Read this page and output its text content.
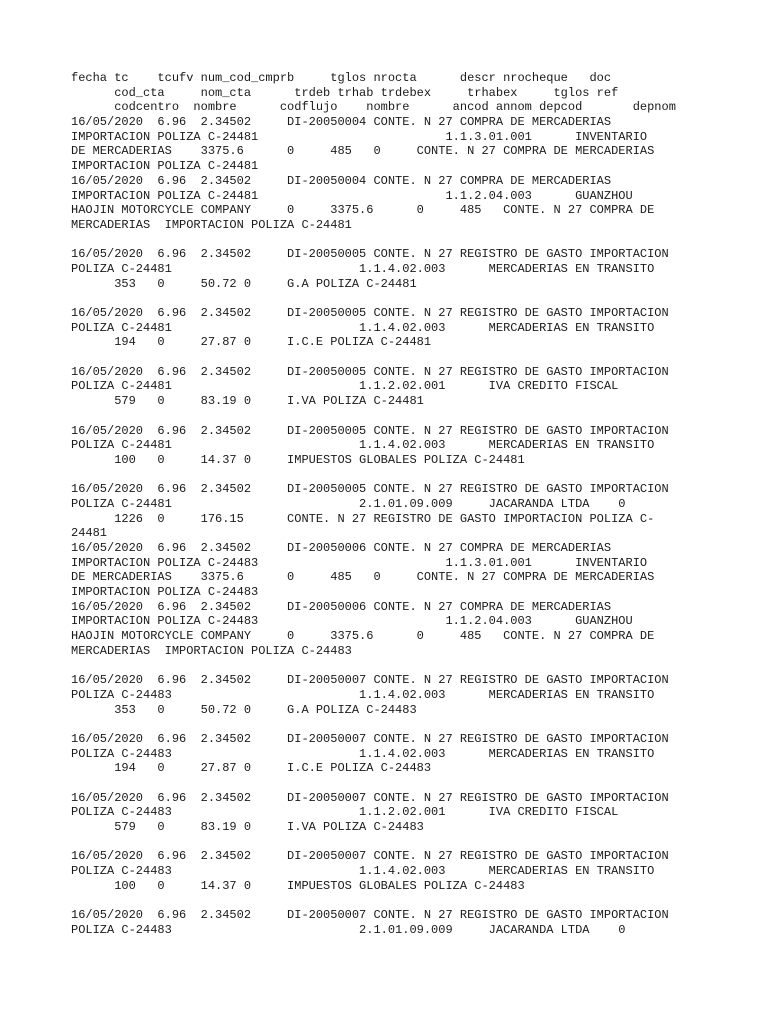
fecha tc    tcufv num_cod_cmprb     tglos nrocta      descr nrocheque   doc
cod_cta     nom_cta      trdeb trhab trdebex     trhabex     tglos ref
codcentro  nombre      codflujo    nombre      ancod annom depcod       depnom
16/05/2020  6.96  2.34502     DI-20050004 CONTE. N 27 COMPRA DE MERCADERIAS
IMPORTACION POLIZA C-24481                          1.1.3.01.001      INVENTARIO
DE MERCADERIAS    3375.6      0     485   0     CONTE. N 27 COMPRA DE MERCADERIAS
IMPORTACION POLIZA C-24481
16/05/2020  6.96  2.34502     DI-20050004 CONTE. N 27 COMPRA DE MERCADERIAS
IMPORTACION POLIZA C-24481                          1.1.2.04.003      GUANZHOU
HAOJIN MOTORCYCLE COMPANY     0     3375.6      0     485   CONTE. N 27 COMPRA DE
MERCADERIAS  IMPORTACION POLIZA C-24481
16/05/2020  6.96  2.34502     DI-20050005 CONTE. N 27 REGISTRO DE GASTO IMPORTACION
POLIZA C-24481                          1.1.4.02.003      MERCADERIAS EN TRANSITO
353   0     50.72 0     G.A POLIZA C-24481
16/05/2020  6.96  2.34502     DI-20050005 CONTE. N 27 REGISTRO DE GASTO IMPORTACION
POLIZA C-24481                          1.1.4.02.003      MERCADERIAS EN TRANSITO
194   0     27.87 0     I.C.E POLIZA C-24481
16/05/2020  6.96  2.34502     DI-20050005 CONTE. N 27 REGISTRO DE GASTO IMPORTACION
POLIZA C-24481                          1.1.2.02.001      IVA CREDITO FISCAL
579   0     83.19 0     I.VA POLIZA C-24481
16/05/2020  6.96  2.34502     DI-20050005 CONTE. N 27 REGISTRO DE GASTO IMPORTACION
POLIZA C-24481                          1.1.4.02.003      MERCADERIAS EN TRANSITO
100   0     14.37 0     IMPUESTOS GLOBALES POLIZA C-24481
16/05/2020  6.96  2.34502     DI-20050005 CONTE. N 27 REGISTRO DE GASTO IMPORTACION
POLIZA C-24481                          2.1.01.09.009     JACARANDA LTDA    0
1226  0     176.15      CONTE. N 27 REGISTRO DE GASTO IMPORTACION POLIZA C-
24481
16/05/2020  6.96  2.34502     DI-20050006 CONTE. N 27 COMPRA DE MERCADERIAS
IMPORTACION POLIZA C-24483                          1.1.3.01.001      INVENTARIO
DE MERCADERIAS    3375.6      0     485   0     CONTE. N 27 COMPRA DE MERCADERIAS
IMPORTACION POLIZA C-24483
16/05/2020  6.96  2.34502     DI-20050006 CONTE. N 27 COMPRA DE MERCADERIAS
IMPORTACION POLIZA C-24483                          1.1.2.04.003      GUANZHOU
HAOJIN MOTORCYCLE COMPANY     0     3375.6      0     485   CONTE. N 27 COMPRA DE
MERCADERIAS  IMPORTACION POLIZA C-24483
16/05/2020  6.96  2.34502     DI-20050007 CONTE. N 27 REGISTRO DE GASTO IMPORTACION
POLIZA C-24483                          1.1.4.02.003      MERCADERIAS EN TRANSITO
353   0     50.72 0     G.A POLIZA C-24483
16/05/2020  6.96  2.34502     DI-20050007 CONTE. N 27 REGISTRO DE GASTO IMPORTACION
POLIZA C-24483                          1.1.4.02.003      MERCADERIAS EN TRANSITO
194   0     27.87 0     I.C.E POLIZA C-24483
16/05/2020  6.96  2.34502     DI-20050007 CONTE. N 27 REGISTRO DE GASTO IMPORTACION
POLIZA C-24483                          1.1.2.02.001      IVA CREDITO FISCAL
579   0     83.19 0     I.VA POLIZA C-24483
16/05/2020  6.96  2.34502     DI-20050007 CONTE. N 27 REGISTRO DE GASTO IMPORTACION
POLIZA C-24483                          1.1.4.02.003      MERCADERIAS EN TRANSITO
100   0     14.37 0     IMPUESTOS GLOBALES POLIZA C-24483
16/05/2020  6.96  2.34502     DI-20050007 CONTE. N 27 REGISTRO DE GASTO IMPORTACION
POLIZA C-24483                          2.1.01.09.009     JACARANDA LTDA    0
